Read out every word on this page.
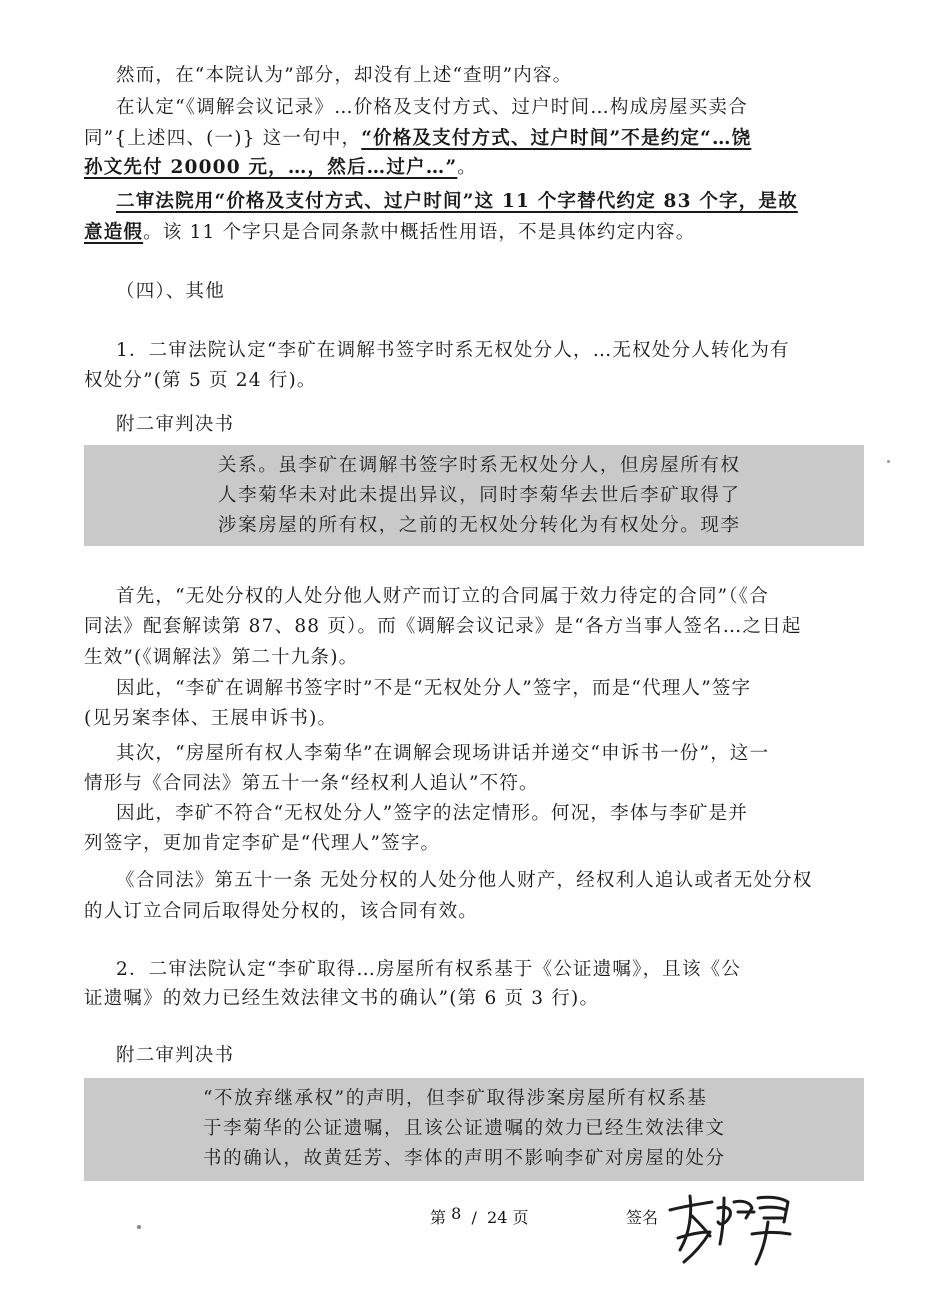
然而，在“本院认为”部分，却没有上述“查明”内容。
在认定“《调解会议记录》…价格及支付方式、过户时间…构成房屋买卖合
同”{上述四、(一)} 这一句中，“价格及支付方式、过户时间”不是约定“…饶
孙文先付 20000 元，…，然后…过户…”。
二审法院用“价格及支付方式、过户时间”这 11 个字替代约定 83 个字，是故
意造假。该 11 个字只是合同条款中概括性用语，不是具体约定内容。
（四）、其他
1．二审法院认定“李矿在调解书签字时系无权处分人，…无权处分人转化为有
权处分”(第 5 页 24 行)。
附二审判决书
关系。虽李矿在调解书签字时系无权处分人，但房屋所有权
人李菊华未对此未提出异议，同时李菊华去世后李矿取得了
涉案房屋的所有权，之前的无权处分转化为有权处分。现李
首先，“无处分权的人处分他人财产而订立的合同属于效力待定的合同”（《合
同法》配套解读第 87、88 页）。而《调解会议记录》是“各方当事人签名…之日起
生效”(《调解法》第二十九条)。
因此，“李矿在调解书签字时”不是“无权处分人”签字，而是“代理人”签字
(见另案李体、王展申诉书)。
其次，“房屋所有权人李菊华”在调解会现场讲话并递交“申诉书一份”，这一
情形与《合同法》第五十一条“经权利人追认”不符。
因此，李矿不符合“无权处分人”签字的法定情形。何况，李体与李矿是并
列签字，更加肯定李矿是“代理人”签字。
《合同法》第五十一条 无处分权的人处分他人财产，经权利人追认或者无处分权
的人订立合同后取得处分权的，该合同有效。
2．二审法院认定“李矿取得…房屋所有权系基于《公证遗嘱》，且该《公
证遗嘱》的效力已经生效法律文书的确认”(第 6 页 3 行)。
附二审判决书
“不放弃继承权”的声明，但李矿取得涉案房屋所有权系基
于李菊华的公证遗嘱，且该公证遗嘱的效力已经生效法律文
书的确认，故黄廷芳、李体的声明不影响李矿对房屋的处分
第 8 / 24 页	签名
